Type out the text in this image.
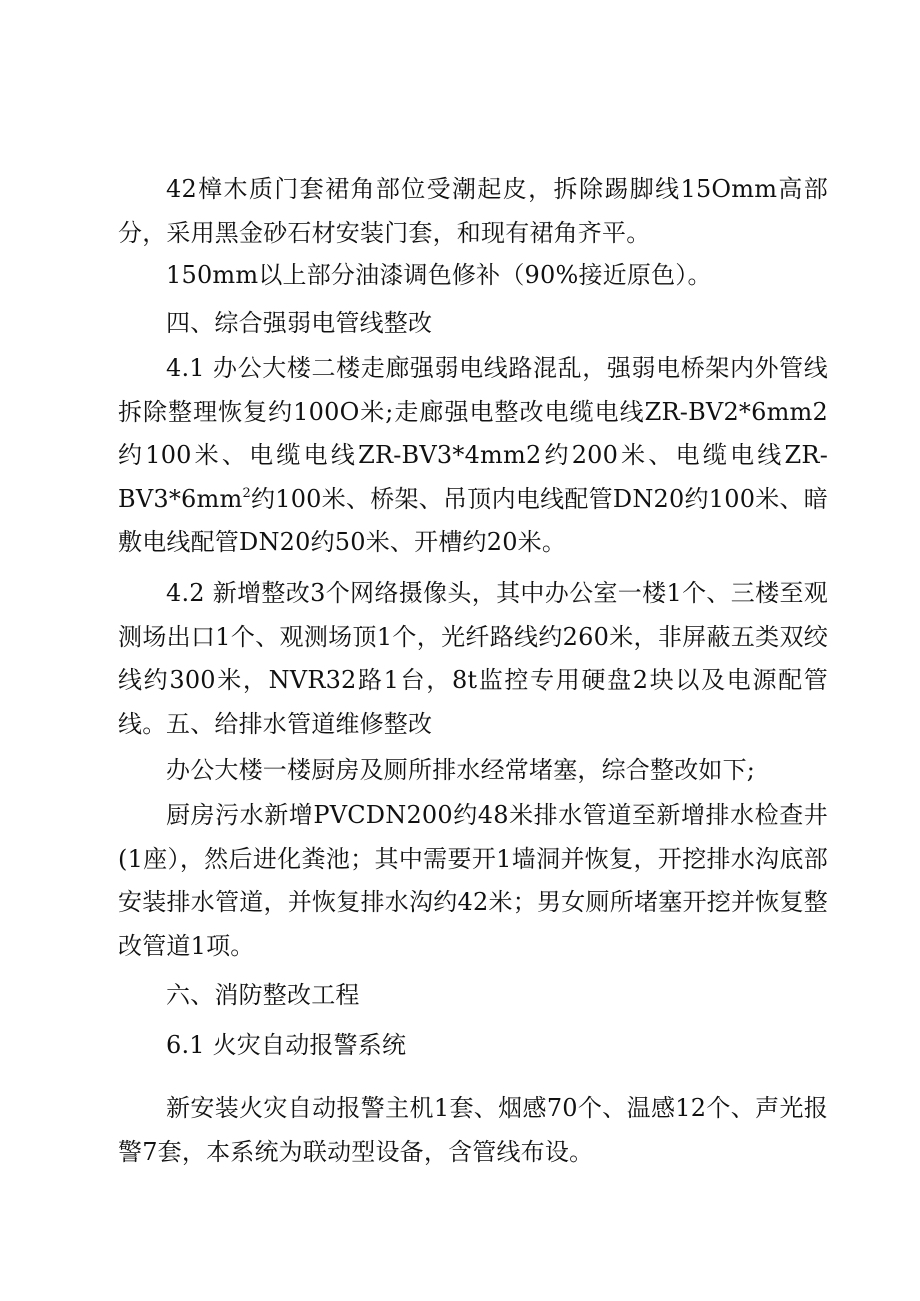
42樟木质门套裙角部位受潮起皮，拆除踢脚线15Omm高部分，采用黑金砂石材安装门套，和现有裙角齐平。

150mm以上部分油漆调色修补（90%接近原色）。

四、综合强弱电管线整改

4.1 办公大楼二楼走廊强弱电线路混乱，强弱电桥架内外管线拆除整理恢复约100O米;走廊强电整改电缆电线ZR-BV2*6mm2约100米、电缆电线ZR-BV3*4mm2约200米、电缆电线$ZR-BV3*6mm^2$约100米、桥架、吊顶内电线配管DN20约100米、暗敷电线配管DN20约50米、开槽约20米。

4.2 新增整改3个网络摄像头，其中办公室一楼1个、三楼至观测场出口1个、观测场顶1个，光纤路线约260米，非屏蔽五类双绞线约300米，NVR32路1台，8t监控专用硬盘2块以及电源配管线。 五、给排水管道维修整改

办公大楼一楼厨房及厕所排水经常堵塞，综合整改如下;

厨房污水新增PVCDN200约48米排水管道至新增排水检查井(1座），然后进化粪池；其中需要开1墙洞并恢复，开挖排水沟底部安装排水管道，并恢复排水沟约42米；男女厕所堵塞开挖并恢复整改管道1项。

六、消防整改工程

6.1 火灾自动报警系统

新安装火灾自动报警主机1套、烟感70个、温感12个、声光报警7套，本系统为联动型设备，含管线布设。
